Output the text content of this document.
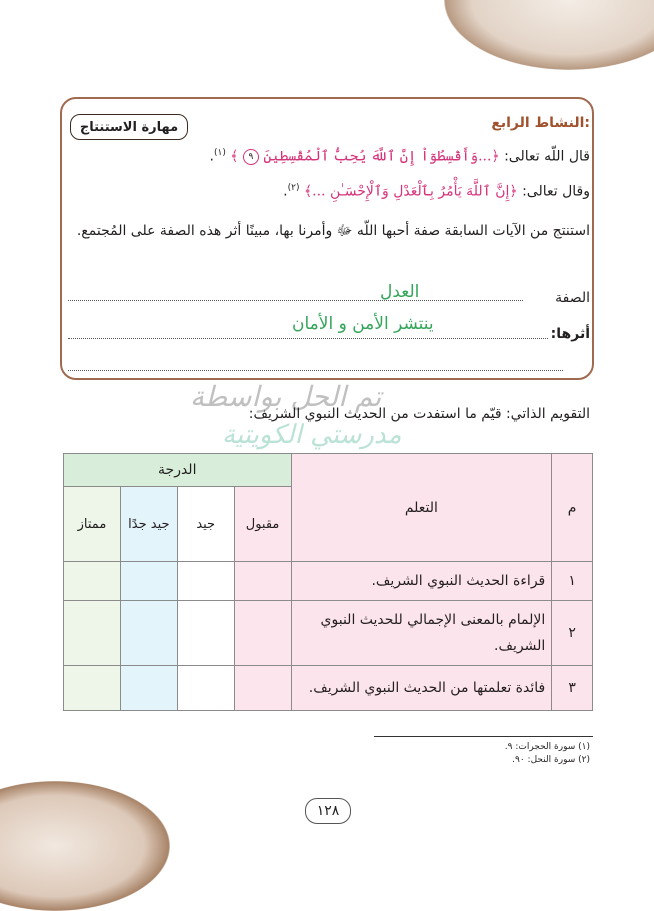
مهارة الاستنتاج	النشاط الرابع:
قال اللّه تعالى: ﴿...وَأَقْسِطُوٓاْ إِنَّ ٱللَّهَ يُحِبُّ ٱلْمُقْسِطِينَ ٩ ﴾ $^{(١)}$.
وقال تعالى: ﴿إِنَّ ٱللَّهَ يَأْمُرُ بِٱلْعَدْلِ وَٱلْإِحْسَـٰنِ ...﴾ $^{(٢)}$.
استنتج من الآيات السابقة صفة أحبها اللّه ﷻ وأمرنا بها، مبينًا أثر هذه الصفة على المُجتمع.
الصفة
العدل
أثرها:
ينتشر الأمن و الأمان
تم الحل بواسطة
مدرستي الكويتية
التقويم الذاتي: قيّم ما استفدت من الحديث النبوي الشريف:
م	التعلم	الدرجة			
		مقبول	جيد	جيد جدًا	ممتاز
١	قراءة الحديث النبوي الشريف.				
٢	الإلمام بالمعنى الإجمالي للحديث النبوي الشريف.				
٣	فائدة تعلمتها من الحديث النبوي الشريف.				
(١) سورة الحجرات: ٩.
(٢) سورة النحل: ٩٠.
١٢٨
